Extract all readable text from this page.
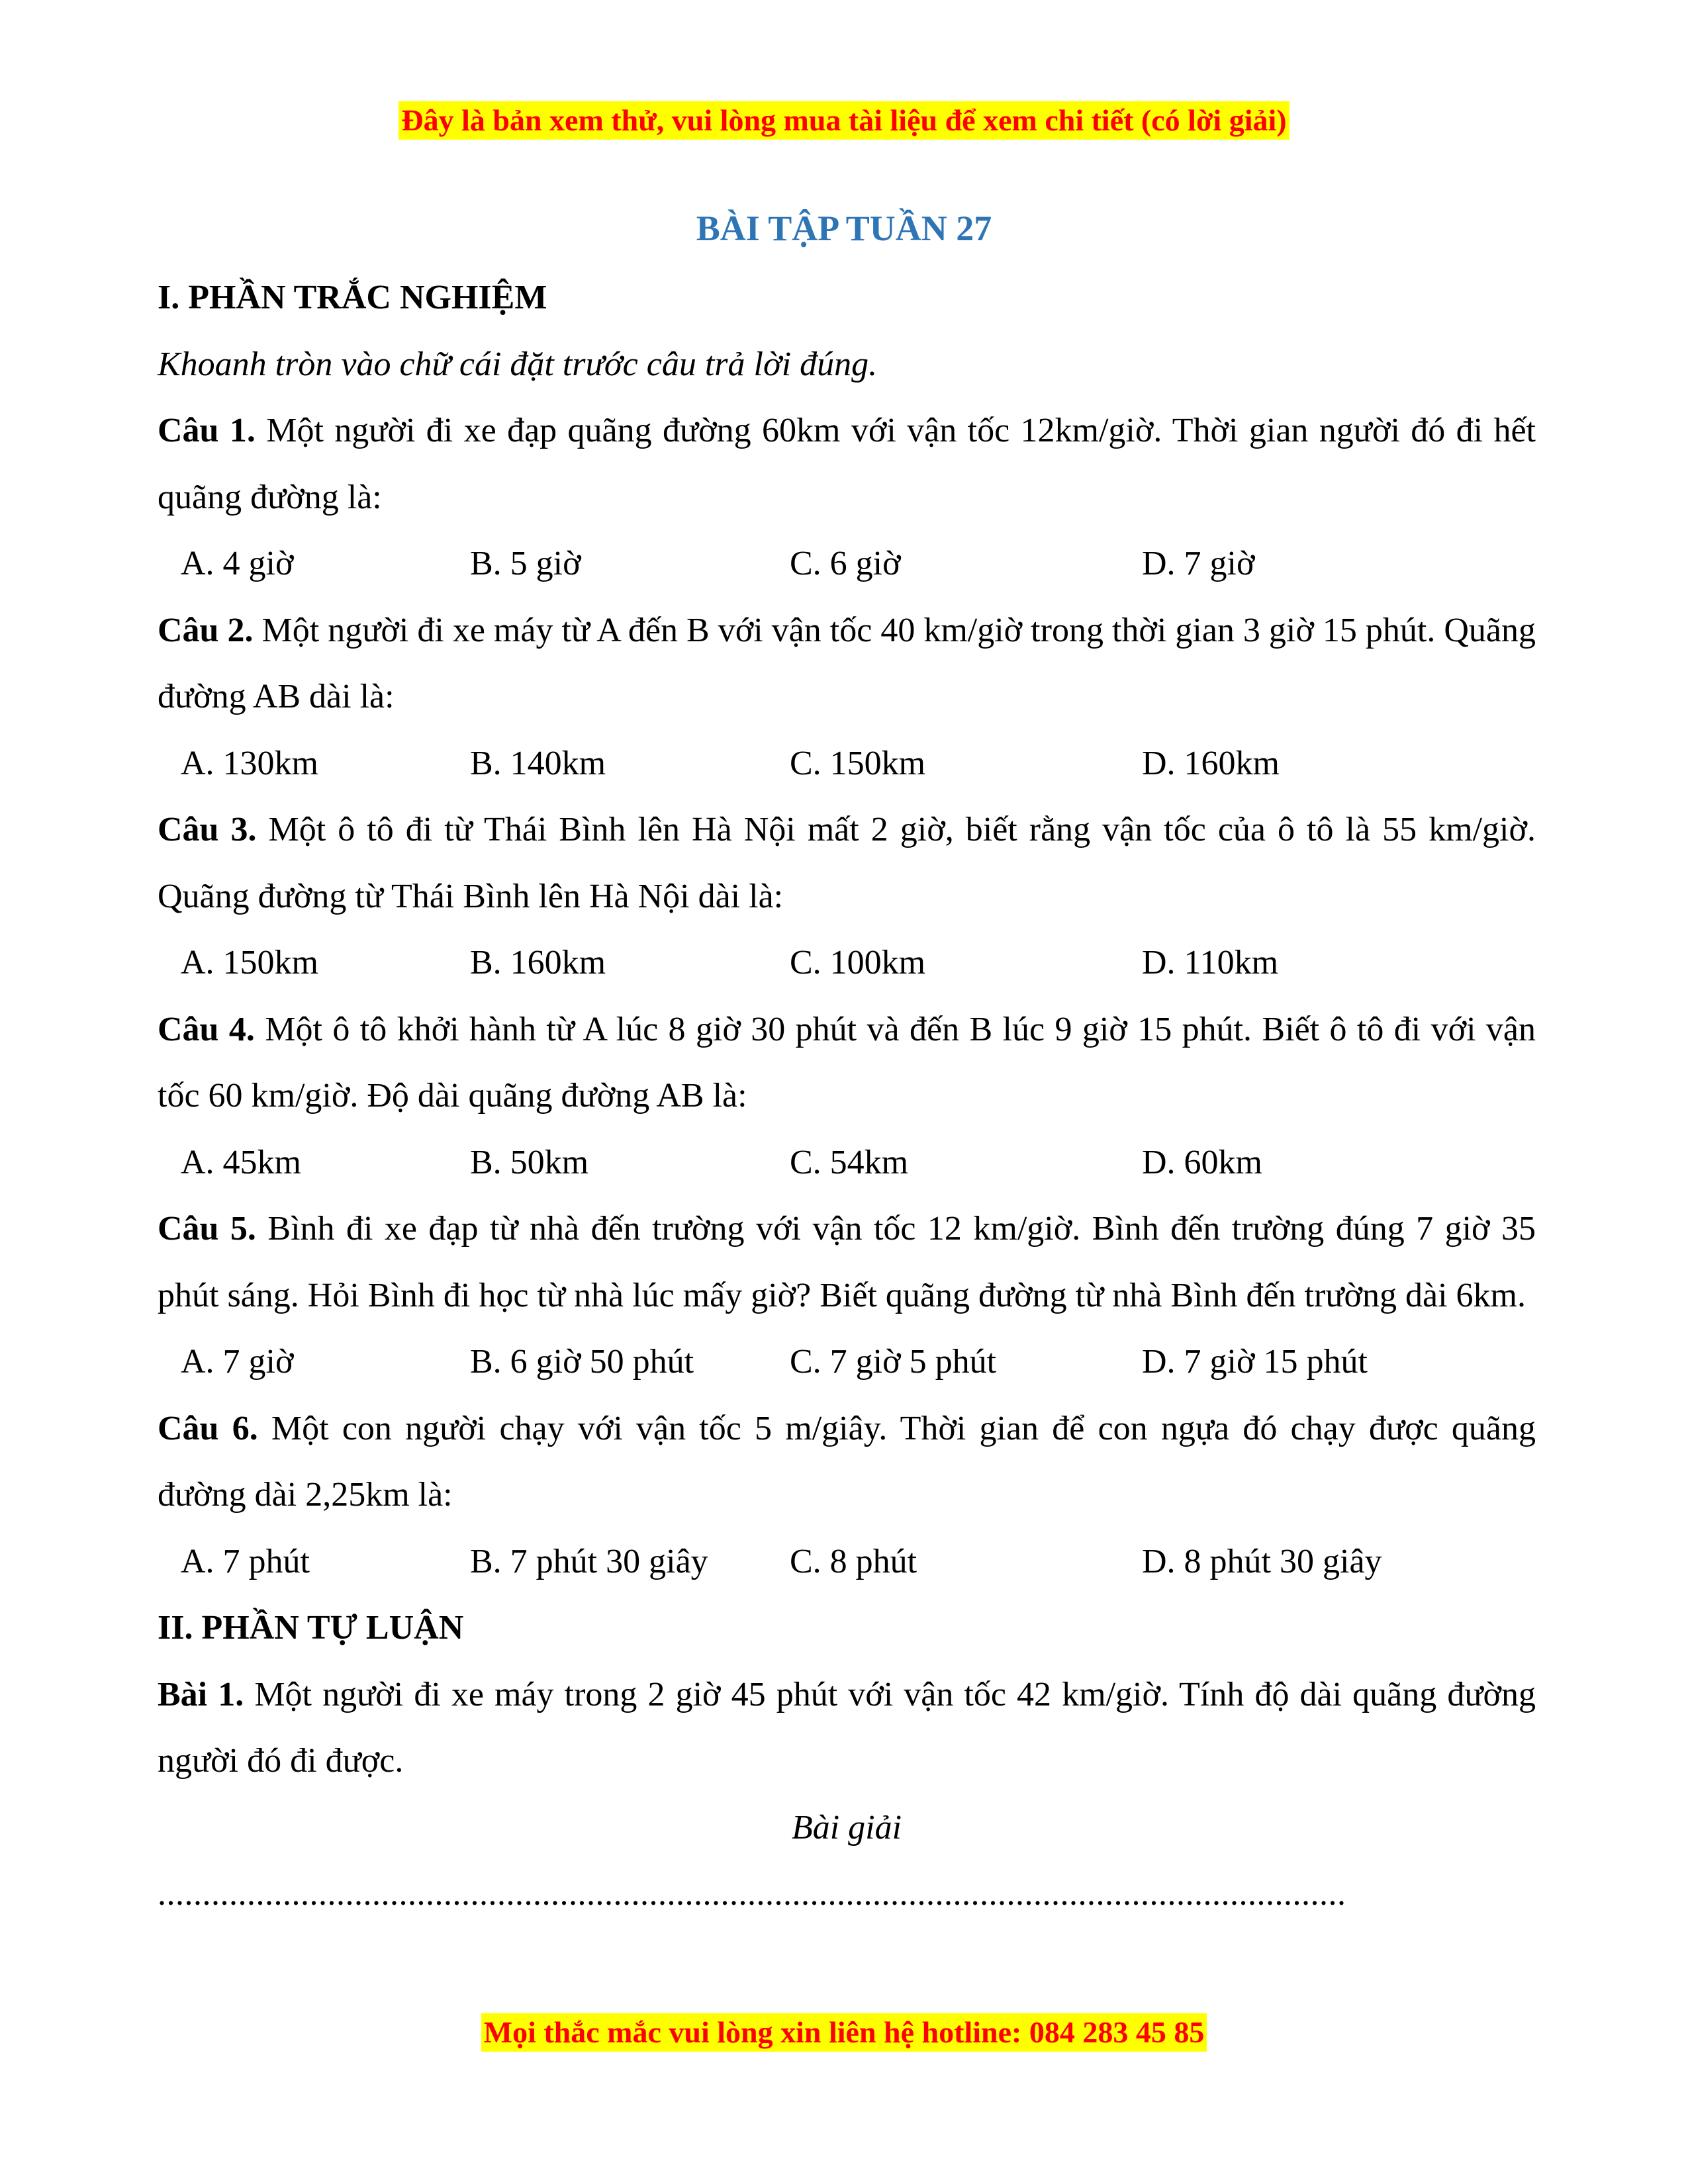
Đây là bản xem thử, vui lòng mua tài liệu để xem chi tiết (có lời giải)
BÀI TẬP TUẦN 27

I. PHẦN TRẮC NGHIỆM

Khoanh tròn vào chữ cái đặt trước câu trả lời đúng.

Câu 1. Một người đi xe đạp quãng đường 60km với vận tốc 12km/giờ. Thời gian người đó đi hết quãng đường là:

A. 4 giờ	B. 5 giờ	C. 6 giờ	D. 7 giờ

Câu 2. Một người đi xe máy từ A đến B với vận tốc 40 km/giờ trong thời gian 3 giờ 15 phút. Quãng đường AB dài là:

A. 130km	B. 140km	C. 150km	D. 160km

Câu 3. Một ô tô đi từ Thái Bình lên Hà Nội mất 2 giờ, biết rằng vận tốc của ô tô là 55 km/giờ. Quãng đường từ Thái Bình lên Hà Nội dài là:

A. 150km	B. 160km	C. 100km	D. 110km

Câu 4. Một ô tô khởi hành từ A lúc 8 giờ 30 phút và đến B lúc 9 giờ 15 phút. Biết ô tô đi với vận tốc 60 km/giờ. Độ dài quãng đường AB là:

A. 45km	B. 50km	C. 54km	D. 60km

Câu 5. Bình đi xe đạp từ nhà đến trường với vận tốc 12 km/giờ. Bình đến trường đúng 7 giờ 35 phút sáng. Hỏi Bình đi học từ nhà lúc mấy giờ? Biết quãng đường từ nhà Bình đến trường dài 6km.

A. 7 giờ	B. 6 giờ 50 phút	C. 7 giờ 5 phút	D. 7 giờ 15 phút

Câu 6. Một con người chạy với vận tốc 5 m/giây. Thời gian để con ngựa đó chạy được quãng đường dài 2,25km là:

A. 7 phút	B. 7 phút 30 giây	C. 8 phút	D. 8 phút 30 giây

II. PHẦN TỰ LUẬN

Bài 1. Một người đi xe máy trong 2 giờ 45 phút với vận tốc 42 km/giờ. Tính độ dài quãng đường người đó đi được.

Bài giải

.....................................................................................................................................

Mọi thắc mắc vui lòng xin liên hệ hotline: 084 283 45 85
